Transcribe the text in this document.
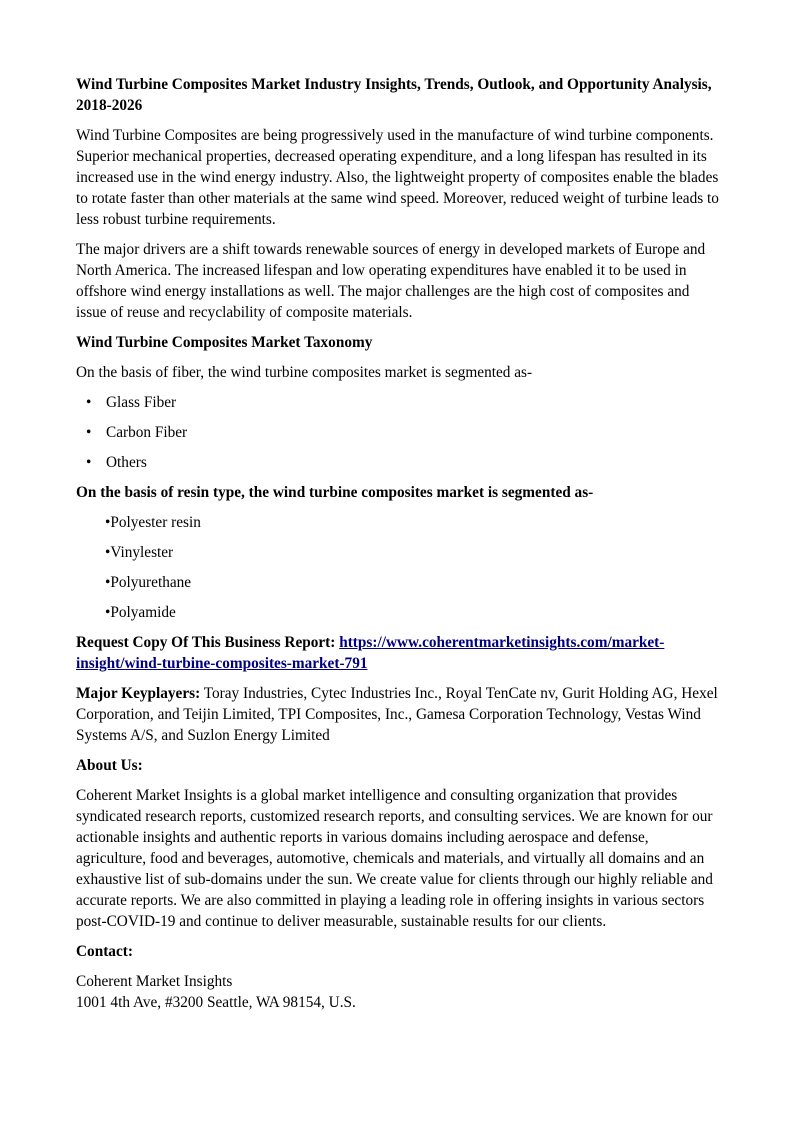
Wind Turbine Composites Market Industry Insights, Trends, Outlook, and Opportunity Analysis, 2018-2026

Wind Turbine Composites are being progressively used in the manufacture of wind turbine components. Superior mechanical properties, decreased operating expenditure, and a long lifespan has resulted in its increased use in the wind energy industry. Also, the lightweight property of composites enable the blades to rotate faster than other materials at the same wind speed. Moreover, reduced weight of turbine leads to less robust turbine requirements.

The major drivers are a shift towards renewable sources of energy in developed markets of Europe and North America. The increased lifespan and low operating expenditures have enabled it to be used in offshore wind energy installations as well. The major challenges are the high cost of composites and issue of reuse and recyclability of composite materials.

Wind Turbine Composites Market Taxonomy

On the basis of fiber, the wind turbine composites market is segmented as-

• Glass Fiber
• Carbon Fiber
• Others

On the basis of resin type, the wind turbine composites market is segmented as-

•Polyester resin
•Vinylester
•Polyurethane
•Polyamide

Request Copy Of This Business Report: https://www.coherentmarketinsights.com/market-insight/wind-turbine-composites-market-791

Major Keyplayers: Toray Industries, Cytec Industries Inc., Royal TenCate nv, Gurit Holding AG, Hexel Corporation, and Teijin Limited, TPI Composites, Inc., Gamesa Corporation Technology, Vestas Wind Systems A/S, and Suzlon Energy Limited

About Us:

Coherent Market Insights is a global market intelligence and consulting organization that provides syndicated research reports, customized research reports, and consulting services. We are known for our actionable insights and authentic reports in various domains including aerospace and defense, agriculture, food and beverages, automotive, chemicals and materials, and virtually all domains and an exhaustive list of sub-domains under the sun. We create value for clients through our highly reliable and accurate reports. We are also committed in playing a leading role in offering insights in various sectors post-COVID-19 and continue to deliver measurable, sustainable results for our clients.

Contact:

Coherent Market Insights

1001 4th Ave, #3200 Seattle, WA 98154, U.S.
